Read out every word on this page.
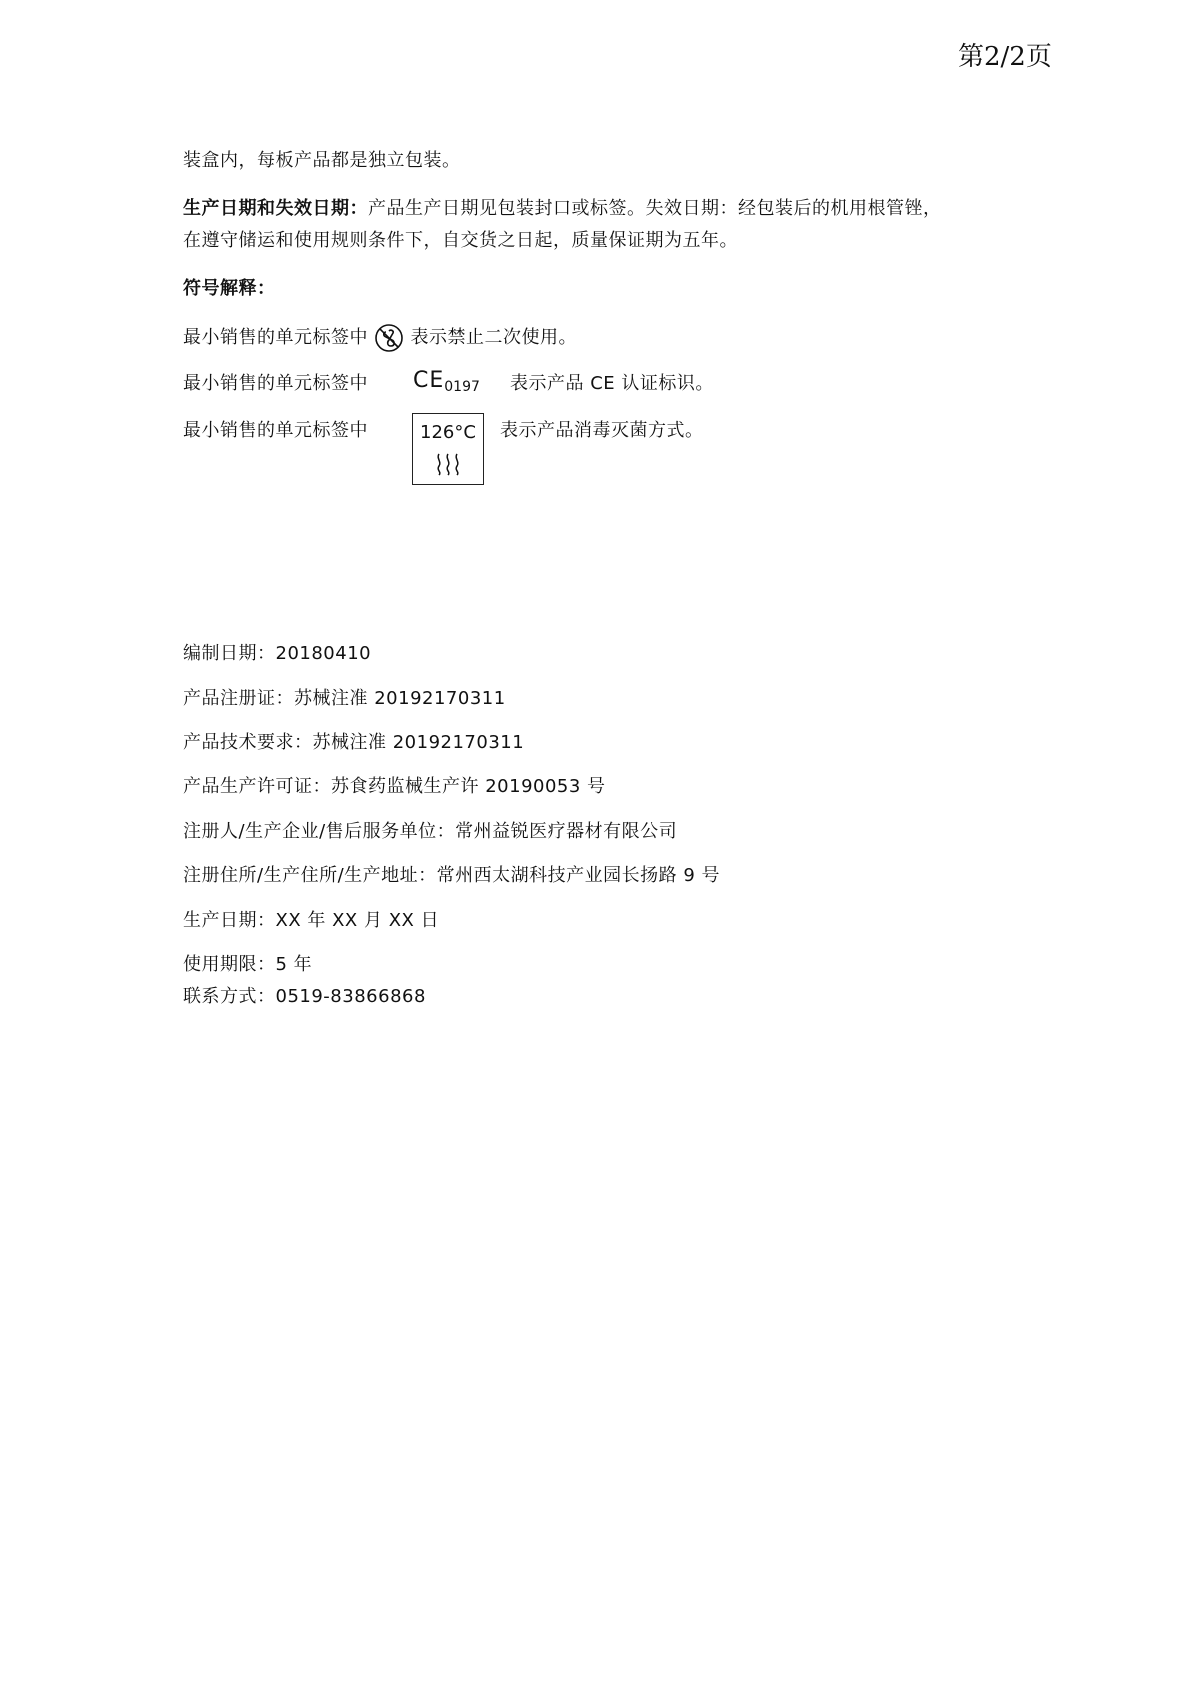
第2/2页
装盒内，每板产品都是独立包装。
生产日期和失效日期：产品生产日期见包装封口或标签。失效日期：经包装后的机用根管锉，
在遵守储运和使用规则条件下，自交货之日起，质量保证期为五年。
符号解释：
最小销售的单元标签中 表示禁止二次使用。
最小销售的单元标签中 CE0197 表示产品 CE 认证标识。
最小销售的单元标签中	126°C	表示产品消毒灭菌方式。
编制日期：20180410
产品注册证：苏械注准 20192170311
产品技术要求：苏械注准 20192170311
产品生产许可证：苏食药监械生产许 20190053 号
注册人/生产企业/售后服务单位：常州益锐医疗器材有限公司
注册住所/生产住所/生产地址：常州西太湖科技产业园长扬路 9 号
生产日期：XX 年 XX 月 XX 日
使用期限：5 年
联系方式：0519-83866868
